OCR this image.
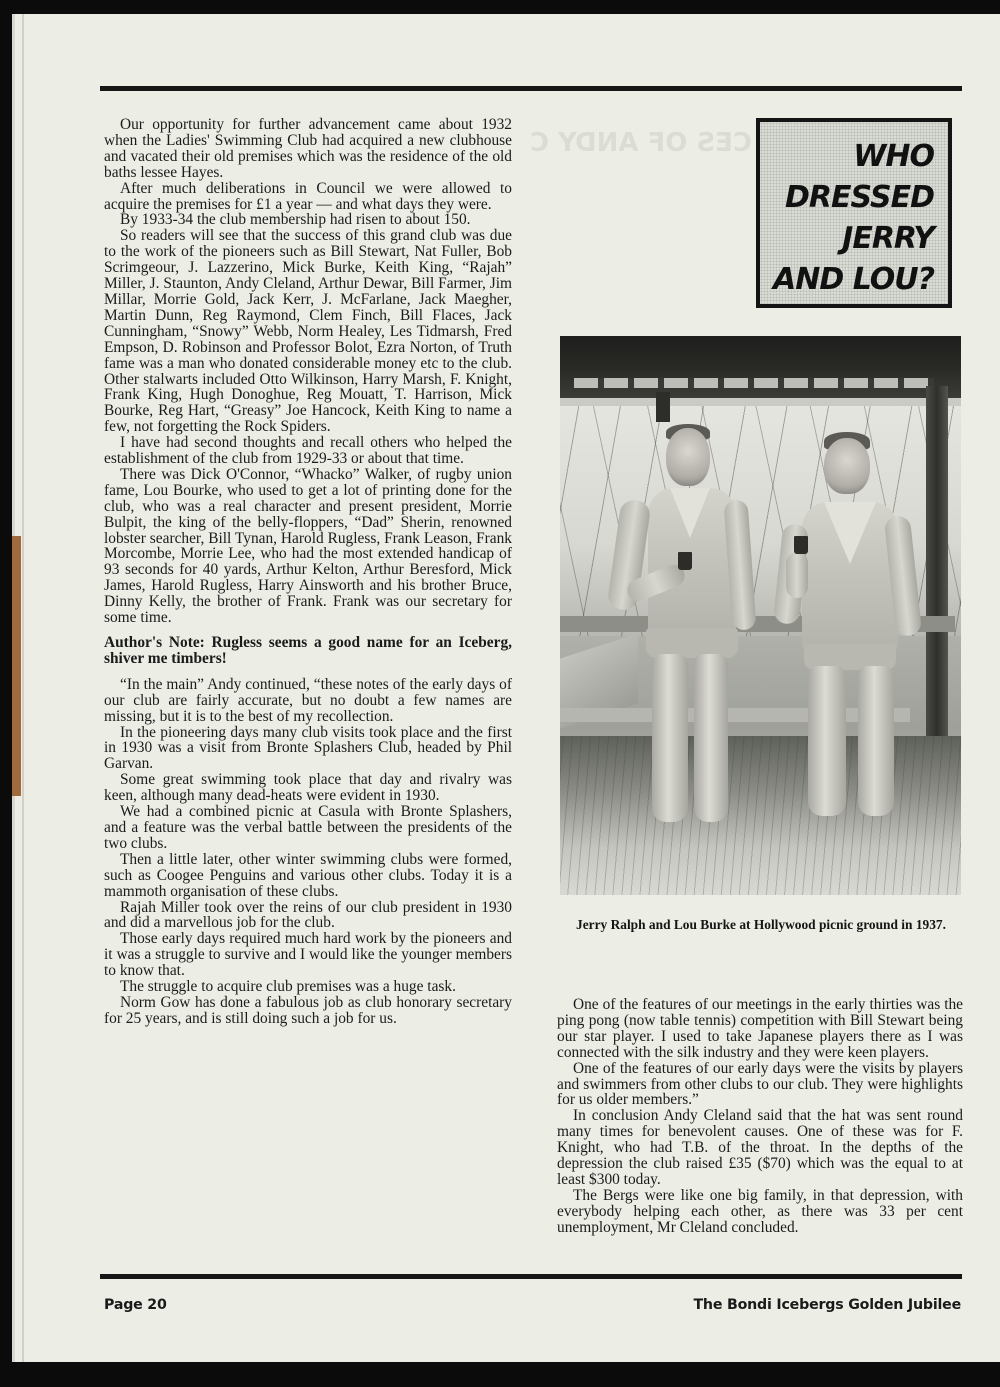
CES OF ANDY C

Our opportunity for further advancement came about 1932 when the Ladies' Swimming Club had acquired a new clubhouse and vacated their old premises which was the residence of the old baths lessee Hayes.

After much deliberations in Council we were allowed to acquire the premises for £1 a year — and what days they were.

By 1933-34 the club membership had risen to about 150.

So readers will see that the success of this grand club was due to the work of the pioneers such as Bill Stewart, Nat Fuller, Bob Scrimgeour, J. Lazzerino, Mick Burke, Keith King, “Rajah” Miller, J. Staunton, Andy Cleland, Arthur Dewar, Bill Farmer, Jim Millar, Morrie Gold, Jack Kerr, J. McFarlane, Jack Maegher, Martin Dunn, Reg Raymond, Clem Finch, Bill Flaces, Jack Cunningham, “Snowy” Webb, Norm Healey, Les Tidmarsh, Fred Empson, D. Robinson and Professor Bolot, Ezra Norton, of Truth fame was a man who donated considerable money etc to the club. Other stalwarts included Otto Wilkinson, Harry Marsh, F. Knight, Frank King, Hugh Donoghue, Reg Mouatt, T. Harrison, Mick Bourke, Reg Hart, “Greasy” Joe Hancock, Keith King to name a few, not forgetting the Rock Spiders.

I have had second thoughts and recall others who helped the establishment of the club from 1929-33 or about that time.

There was Dick O'Connor, “Whacko” Walker, of rugby union fame, Lou Bourke, who used to get a lot of printing done for the club, who was a real character and present president, Morrie Bulpit, the king of the belly-floppers, “Dad” Sherin, renowned lobster searcher, Bill Tynan, Harold Rugless, Frank Leason, Frank Morcombe, Morrie Lee, who had the most extended handicap of 93 seconds for 40 yards, Arthur Kelton, Arthur Beresford, Mick James, Harold Rugless, Harry Ainsworth and his brother Bruce, Dinny Kelly, the brother of Frank. Frank was our secretary for some time.

Author's Note: Rugless seems a good name for an Iceberg, shiver me timbers!

“In the main” Andy continued, “these notes of the early days of our club are fairly accurate, but no doubt a few names are missing, but it is to the best of my recollection.

In the pioneering days many club visits took place and the first in 1930 was a visit from Bronte Splashers Club, headed by Phil Garvan.

Some great swimming took place that day and rivalry was keen, although many dead-heats were evident in 1930.

We had a combined picnic at Casula with Bronte Splashers, and a feature was the verbal battle between the presidents of the two clubs.

Then a little later, other winter swimming clubs were formed, such as Coogee Penguins and various other clubs. Today it is a mammoth organisation of these clubs.

Rajah Miller took over the reins of our club president in 1930 and did a marvellous job for the club.

Those early days required much hard work by the pioneers and it was a struggle to survive and I would like the younger members to know that.

The struggle to acquire club premises was a huge task.

Norm Gow has done a fabulous job as club honorary secretary for 25 years, and is still doing such a job for us.

WHO
DRESSED
JERRY
AND LOU?
Jerry Ralph and Lou Burke at Hollywood picnic ground in 1937.

One of the features of our meetings in the early thirties was the ping pong (now table tennis) competition with Bill Stewart being our star player. I used to take Japanese players there as I was connected with the silk industry and they were keen players.

One of the features of our early days were the visits by players and swimmers from other clubs to our club. They were highlights for us older members.”

In conclusion Andy Cleland said that the hat was sent round many times for benevolent causes. One of these was for F. Knight, who had T.B. of the throat. In the depths of the depression the club raised £35 ($70) which was the equal to at least $300 today.

The Bergs were like one big family, in that depression, with everybody helping each other, as there was 33 per cent unemployment, Mr Cleland concluded.

Page 20	The Bondi Icebergs Golden Jubilee
